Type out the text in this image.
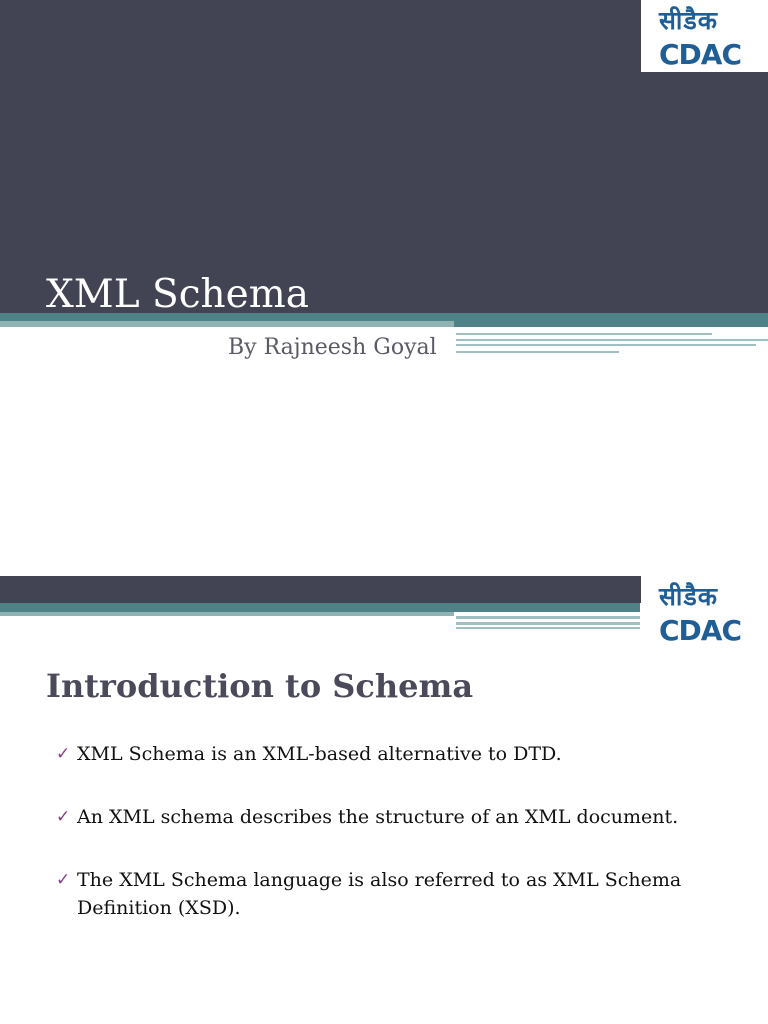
सीडैक
CDAC
XML Schema

By Rajneesh Goyal

सीडैक
CDAC
Introduction to Schema
✓ XML Schema is an XML-based alternative to DTD.
✓ An XML schema describes the structure of an XML document.
✓ The XML Schema language is also referred to as XML Schema Definition (XSD).
